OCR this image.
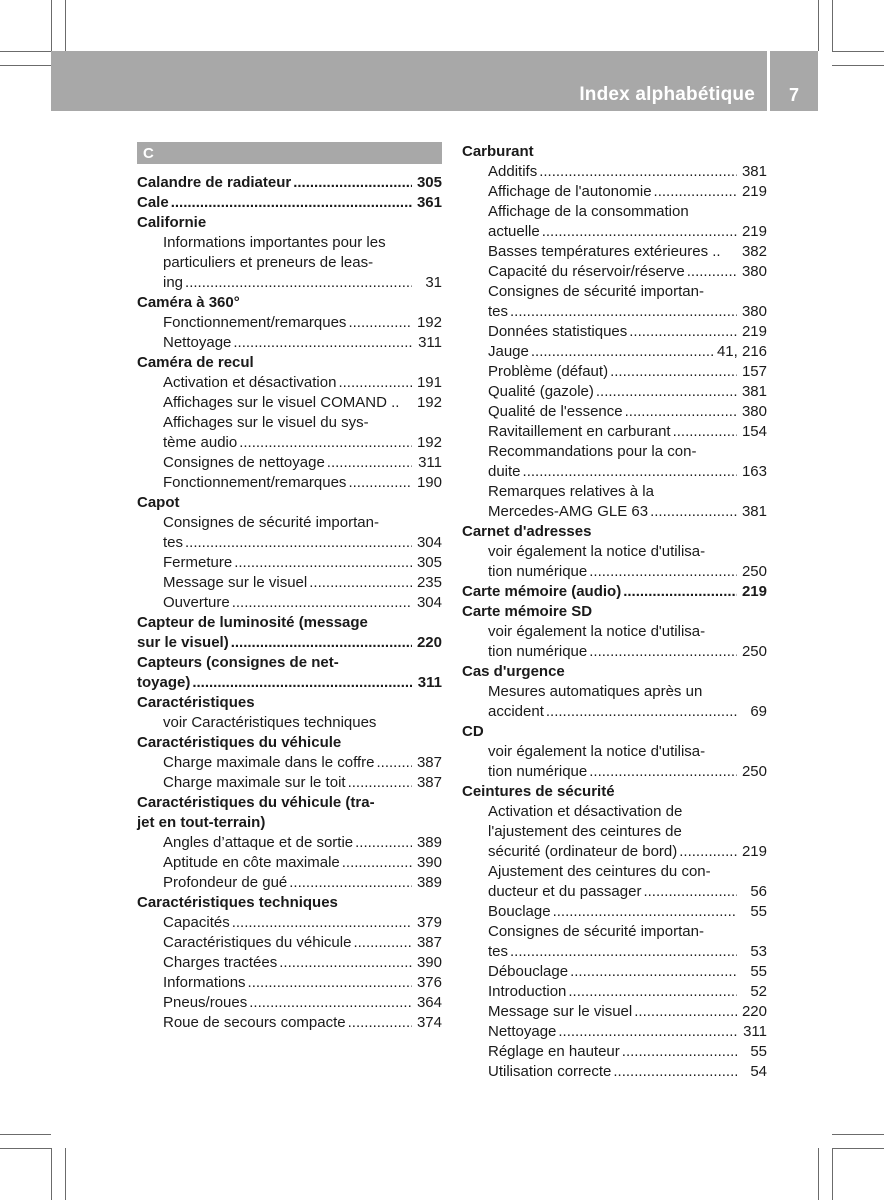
Index alphabétique	7
C
Calandre de radiateur .....	305
Cale .....	361
Californie
Informations importantes pour les
particuliers et preneurs de leas-
ing .....	31
Caméra à 360°
Fonctionnement/remarques .....	192
Nettoyage .....	311
Caméra de recul
Activation et désactivation .....	191
Affichages sur le visuel COMAND .. 192
Affichages sur le visuel du sys-
tème audio .....	192
Consignes de nettoyage .....	311
Fonctionnement/remarques .....	190
Capot
Consignes de sécurité importan-
tes .....	304
Fermeture .....	305
Message sur le visuel .....	235
Ouverture .....	304
Capteur de luminosité (message
sur le visuel) .....	220
Capteurs (consignes de net-
toyage) .....	311
Caractéristiques
voir Caractéristiques techniques
Caractéristiques du véhicule
Charge maximale dans le coffre .....	387
Charge maximale sur le toit .....	387
Caractéristiques du véhicule (tra-
jet en tout-terrain)
Angles d’attaque et de sortie .....	389
Aptitude en côte maximale .....	390
Profondeur de gué .....	389
Caractéristiques techniques
Capacités .....	379
Caractéristiques du véhicule .....	387
Charges tractées .....	390
Informations .....	376
Pneus/roues .....	364
Roue de secours compacte .....	374
Carburant
Additifs .....	381
Affichage de l'autonomie .....	219
Affichage de la consommation
actuelle .....	219
Basses températures extérieures .. 382
Capacité du réservoir/réserve .....	380
Consignes de sécurité importan-
tes .....	380
Données statistiques .....	219
Jauge .....	41, 216
Problème (défaut) .....	157
Qualité (gazole) .....	381
Qualité de l'essence .....	380
Ravitaillement en carburant .....	154
Recommandations pour la con-
duite .....	163
Remarques relatives à la
Mercedes-AMG GLE 63 .....	381
Carnet d'adresses
voir également la notice d'utilisa-
tion numérique .....	250
Carte mémoire (audio) .....	219
Carte mémoire SD
voir également la notice d'utilisa-
tion numérique .....	250
Cas d'urgence
Mesures automatiques après un
accident .....	69
CD
voir également la notice d'utilisa-
tion numérique .....	250
Ceintures de sécurité
Activation et désactivation de
l'ajustement des ceintures de
sécurité (ordinateur de bord) .....	219
Ajustement des ceintures du con-
ducteur et du passager .....	56
Bouclage .....	55
Consignes de sécurité importan-
tes .....	53
Débouclage .....	55
Introduction .....	52
Message sur le visuel .....	220
Nettoyage .....	311
Réglage en hauteur .....	55
Utilisation correcte .....	54
